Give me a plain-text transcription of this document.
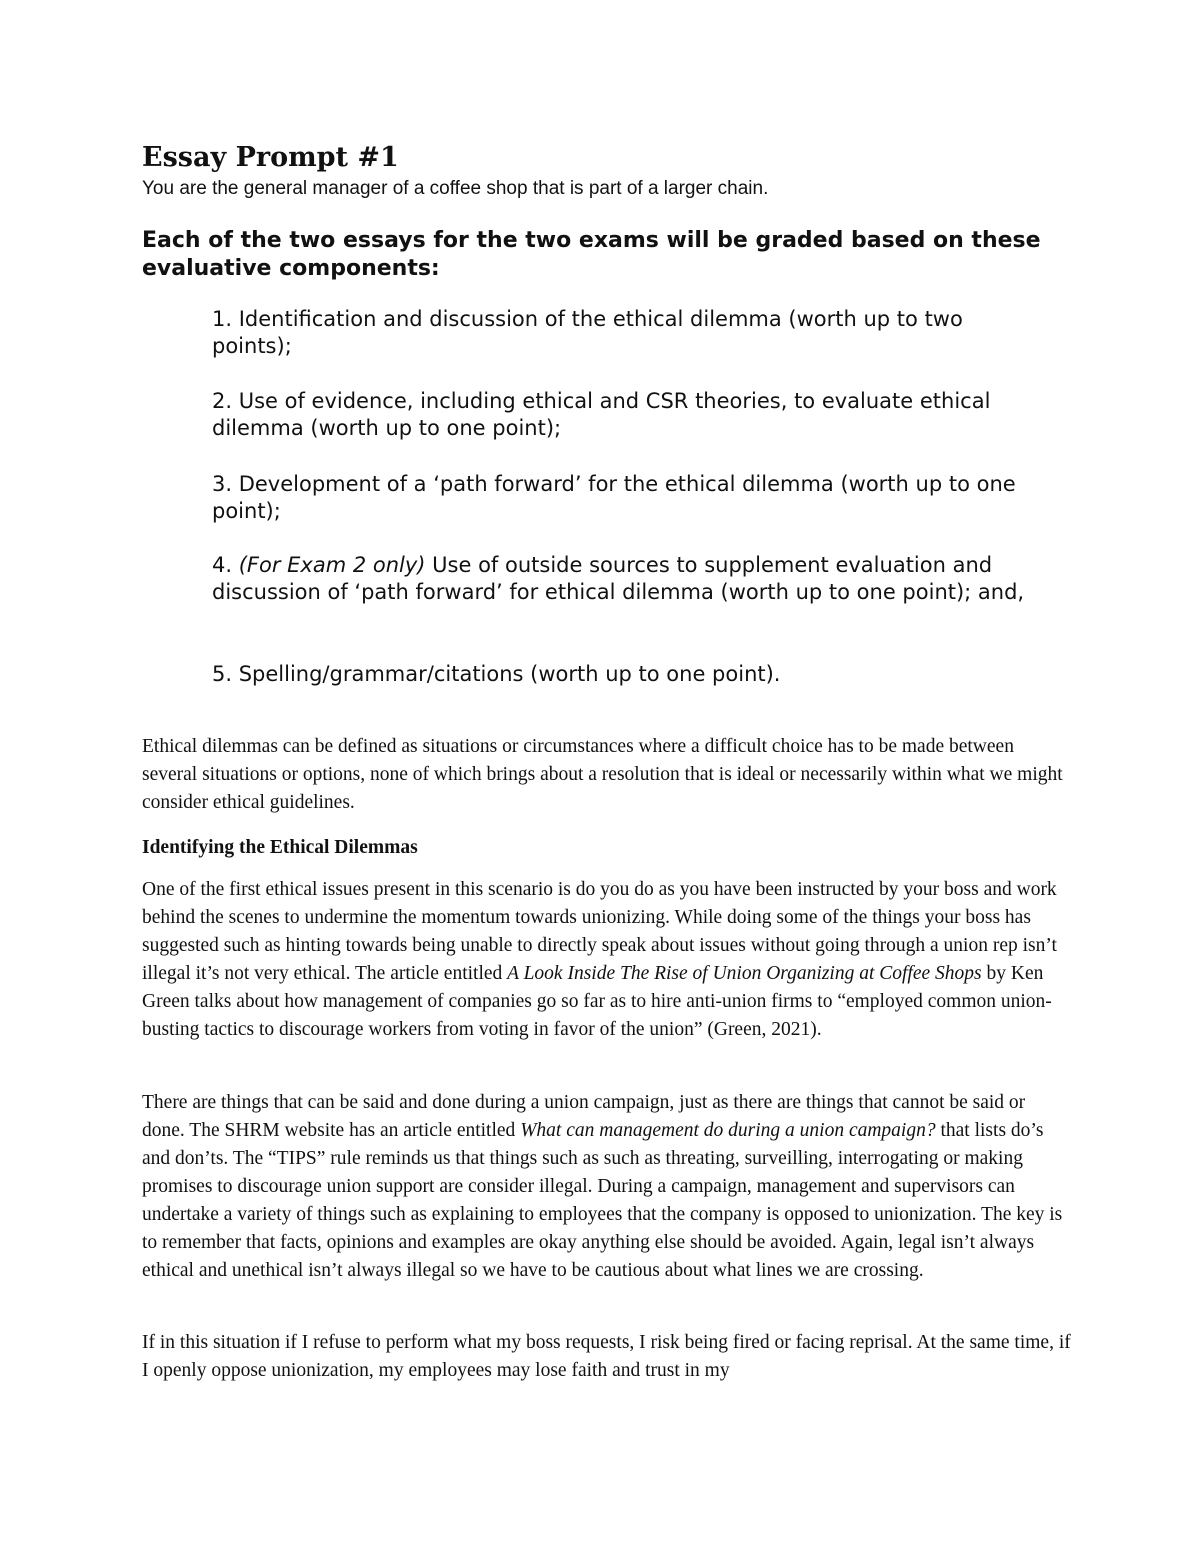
Essay Prompt #1

You are the general manager of a coffee shop that is part of a larger chain.

Each of the two essays for the two exams will be graded based on these evaluative components:
1. Identification and discussion of the ethical dilemma (worth up to two points);
2. Use of evidence, including ethical and CSR theories, to evaluate ethical dilemma (worth up to one point);
3. Development of a ‘path forward’ for the ethical dilemma (worth up to one point);
4. (For Exam 2 only) Use of outside sources to supplement evaluation and discussion of ‘path forward’ for ethical dilemma (worth up to one point); and,
5. Spelling/grammar/citations (worth up to one point).

Ethical dilemmas can be defined as situations or circumstances where a difficult choice has to be made between several situations or options, none of which brings about a resolution that is ideal or necessarily within what we might consider ethical guidelines.

Identifying the Ethical Dilemmas

One of the first ethical issues present in this scenario is do you do as you have been instructed by your boss and work behind the scenes to undermine the momentum towards unionizing. While doing some of the things your boss has suggested such as hinting towards being unable to directly speak about issues without going through a union rep isn’t illegal it’s not very ethical. The article entitled A Look Inside The Rise of Union Organizing at Coffee Shops by Ken Green talks about how management of companies go so far as to hire anti-union firms to “employed common union-busting tactics to discourage workers from voting in favor of the union” (Green, 2021).

There are things that can be said and done during a union campaign, just as there are things that cannot be said or done. The SHRM website has an article entitled What can management do during a union campaign? that lists do’s and don’ts. The “TIPS” rule reminds us that things such as such as threating, surveilling, interrogating or making promises to discourage union support are consider illegal. During a campaign, management and supervisors can undertake a variety of things such as explaining to employees that the company is opposed to unionization. The key is to remember that facts, opinions and examples are okay anything else should be avoided. Again, legal isn’t always ethical and unethical isn’t always illegal so we have to be cautious about what lines we are crossing.

If in this situation if I refuse to perform what my boss requests, I risk being fired or facing reprisal. At the same time, if I openly oppose unionization, my employees may lose faith and trust in my
